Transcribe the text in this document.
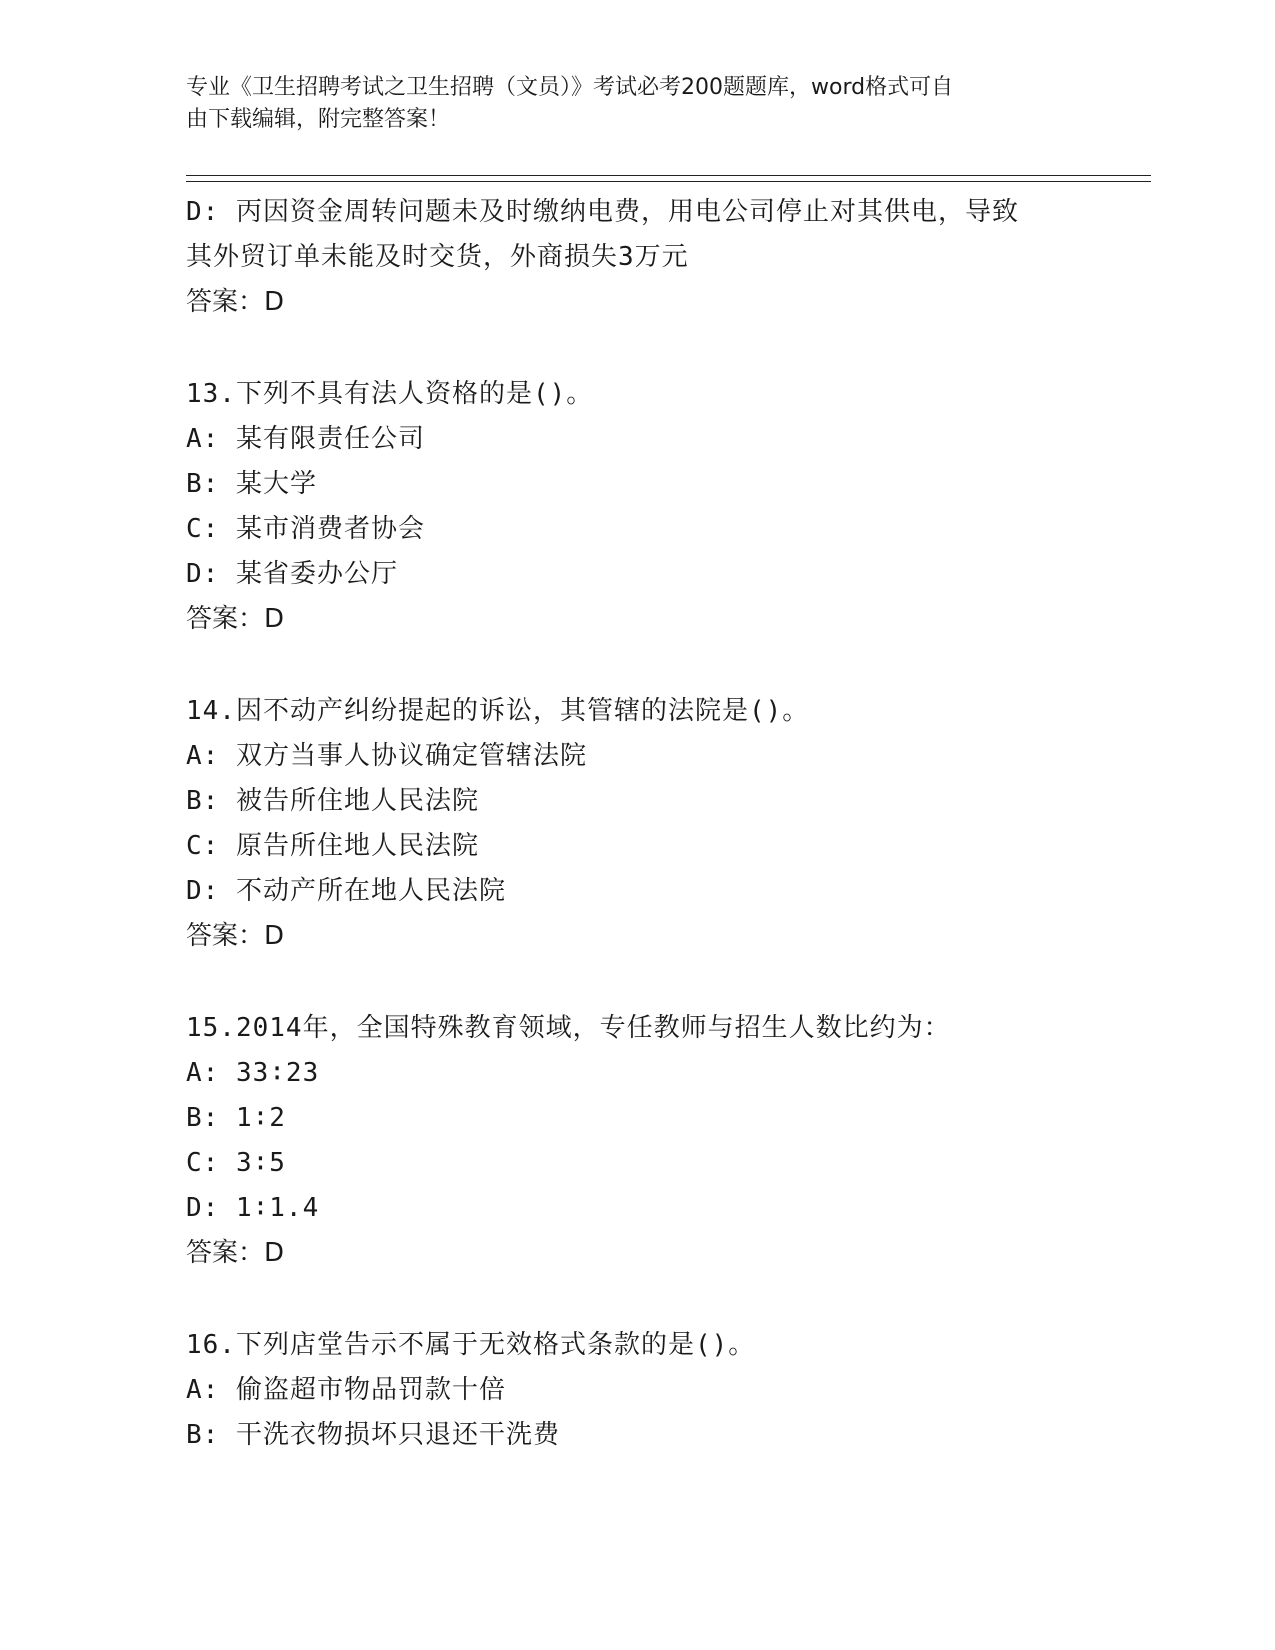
专业《卫生招聘考试之卫生招聘（文员）》考试必考200题题库，word格式可自
由下载编辑，附完整答案！
D: 丙因资金周转问题未及时缴纳电费，用电公司停止对其供电，导致
其外贸订单未能及时交货，外商损失3万元
答案：D
13.下列不具有法人资格的是()。
A: 某有限责任公司
B: 某大学
C: 某市消费者协会
D: 某省委办公厅
答案：D
14.因不动产纠纷提起的诉讼，其管辖的法院是()。
A: 双方当事人协议确定管辖法院
B: 被告所住地人民法院
C: 原告所住地人民法院
D: 不动产所在地人民法院
答案：D
15.2014年，全国特殊教育领域，专任教师与招生人数比约为：
A: 33∶23
B: 1∶2
C: 3∶5
D: 1∶1.4
答案：D
16.下列店堂告示不属于无效格式条款的是()。
A: 偷盗超市物品罚款十倍
B: 干洗衣物损坏只退还干洗费
